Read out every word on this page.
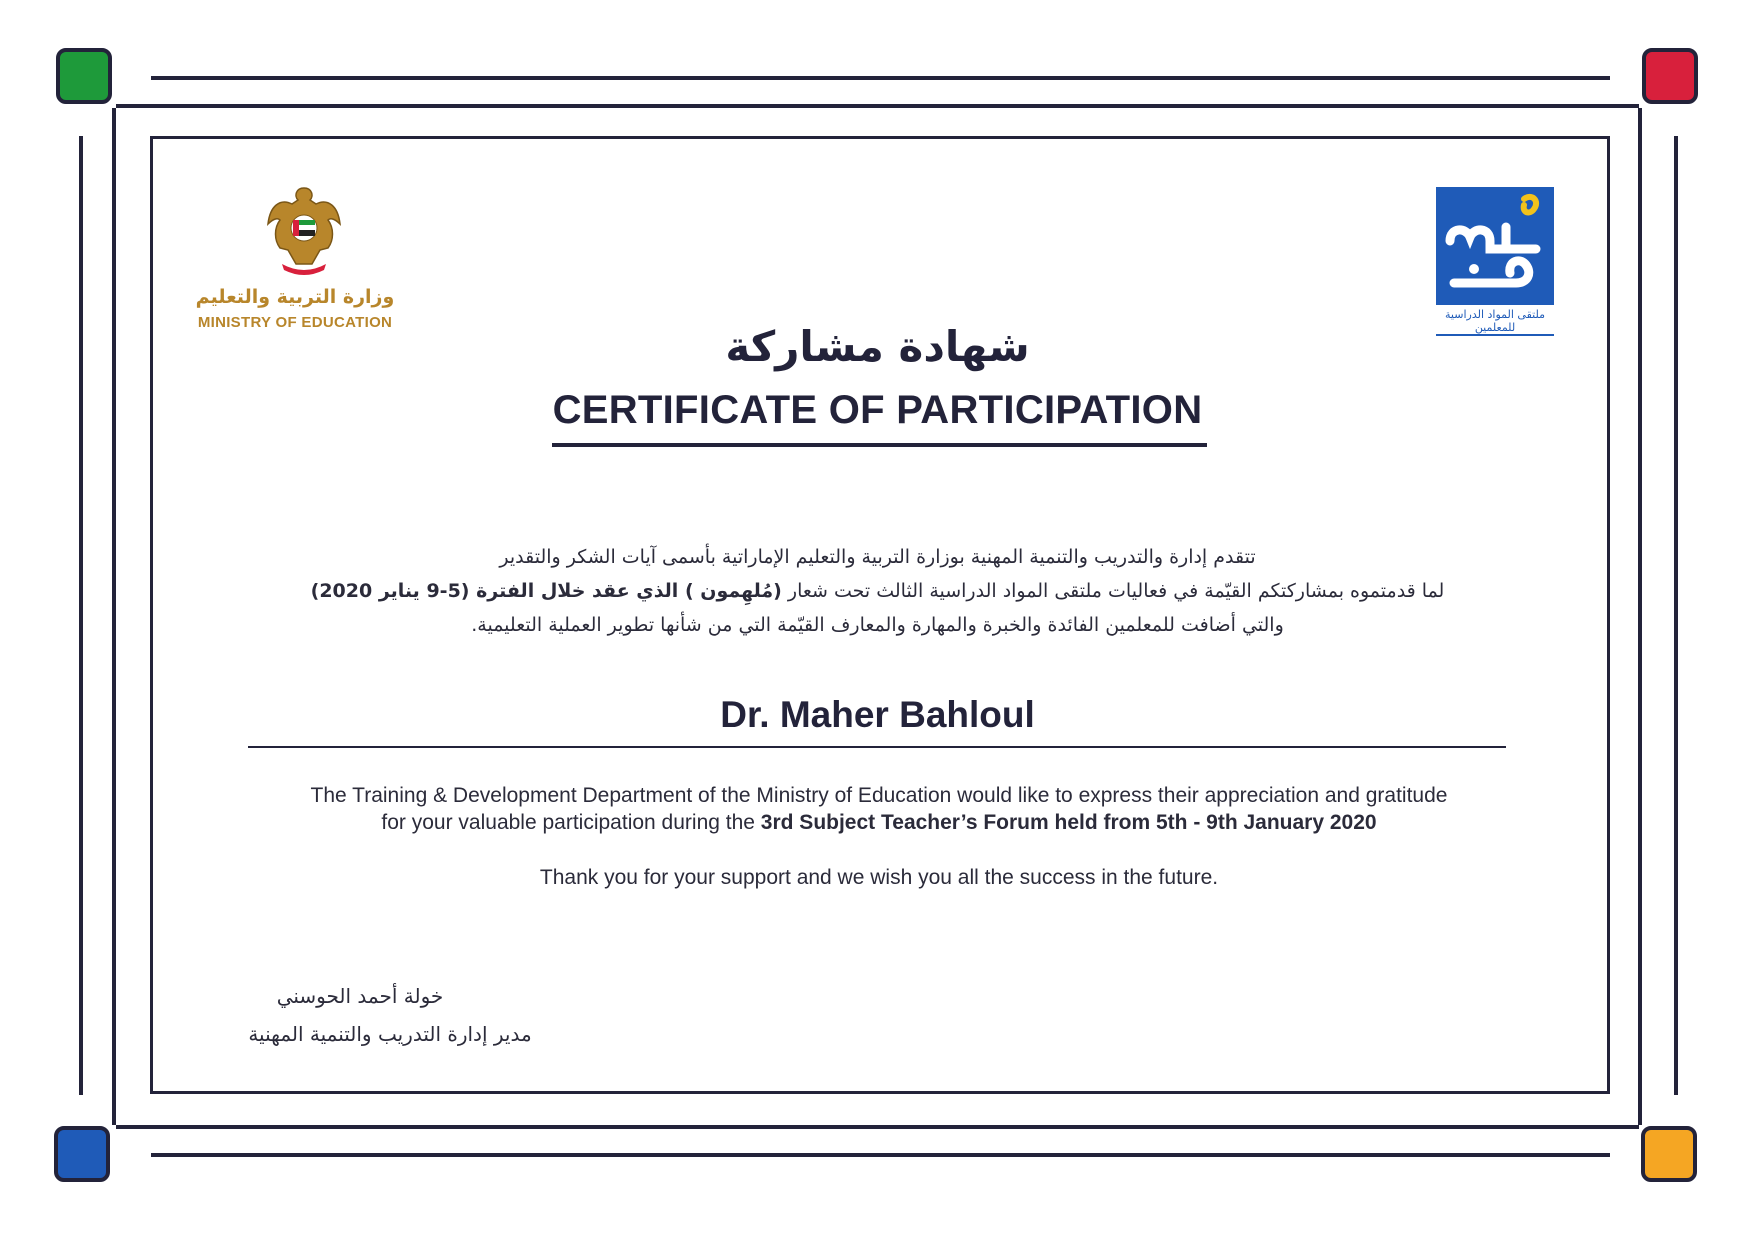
وزارة التربية والتعليم
MINISTRY OF EDUCATION	ملتقى المواد الدراسية للمعلمين
شهادة مشاركة
CERTIFICATE OF PARTICIPATION
تتقدم إدارة والتدريب والتنمية المهنية بوزارة التربية والتعليم الإماراتية بأسمى آيات الشكر والتقدير
لما قدمتموه بمشاركتكم القيّمة في فعاليات ملتقى المواد الدراسية الثالث تحت شعار (مُلهِمون ) الذي عقد خلال الفترة (5-9 يناير 2020)
والتي أضافت للمعلمين الفائدة والخبرة والمهارة والمعارف القيّمة التي من شأنها تطوير العملية التعليمية.
Dr. Maher Bahloul
The Training & Development Department of the Ministry of Education would like to express their appreciation and gratitude
for your valuable participation during the 3rd Subject Teacher’s Forum held from 5th - 9th January 2020
Thank you for your support and we wish you all the success in the future.
خولة أحمد الحوسني
مدير إدارة التدريب والتنمية المهنية
